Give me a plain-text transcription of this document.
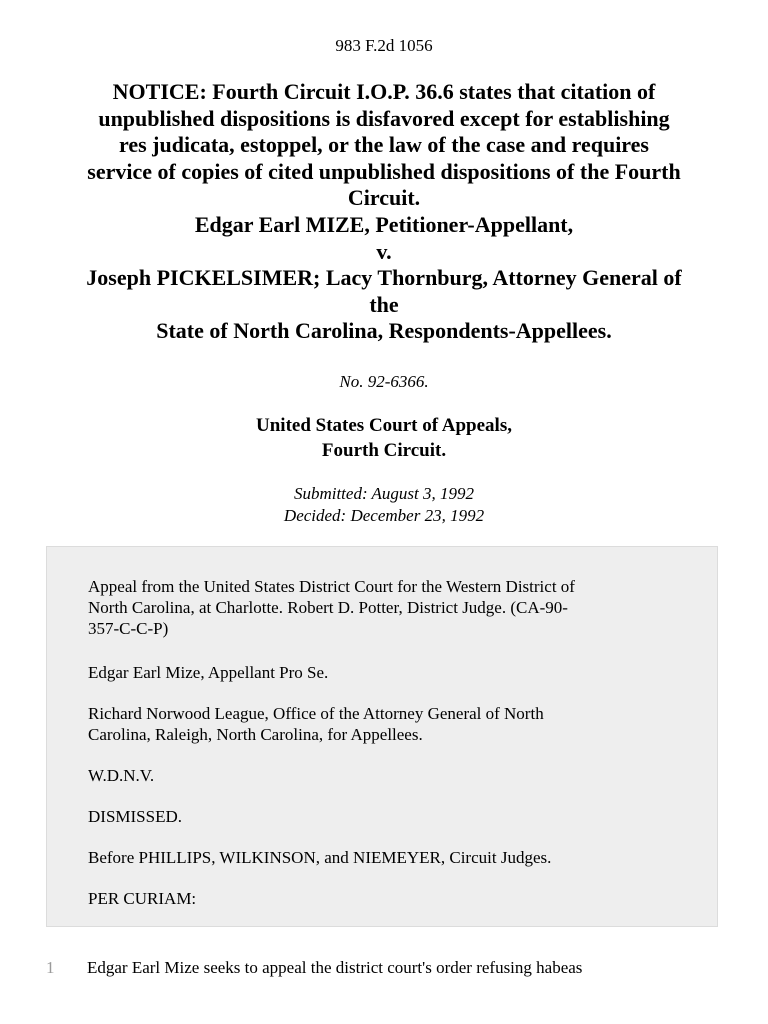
983 F.2d 1056
NOTICE: Fourth Circuit I.O.P. 36.6 states that citation of
unpublished dispositions is disfavored except for establishing
res judicata, estoppel, or the law of the case and requires
service of copies of cited unpublished dispositions of the Fourth
Circuit.
Edgar Earl MIZE, Petitioner-Appellant,
v.
Joseph PICKELSIMER; Lacy Thornburg, Attorney General of
the
State of North Carolina, Respondents-Appellees.
No. 92-6366.
United States Court of Appeals,
Fourth Circuit.
Submitted: August 3, 1992
Decided: December 23, 1992
Appeal from the United States District Court for the Western District of
North Carolina, at Charlotte. Robert D. Potter, District Judge. (CA-90-
357-C-C-P)
Edgar Earl Mize, Appellant Pro Se.
Richard Norwood League, Office of the Attorney General of North
Carolina, Raleigh, North Carolina, for Appellees.
W.D.N.V.
DISMISSED.
Before PHILLIPS, WILKINSON, and NIEMEYER, Circuit Judges.
PER CURIAM:
1 Edgar Earl Mize seeks to appeal the district court's order refusing habeas
